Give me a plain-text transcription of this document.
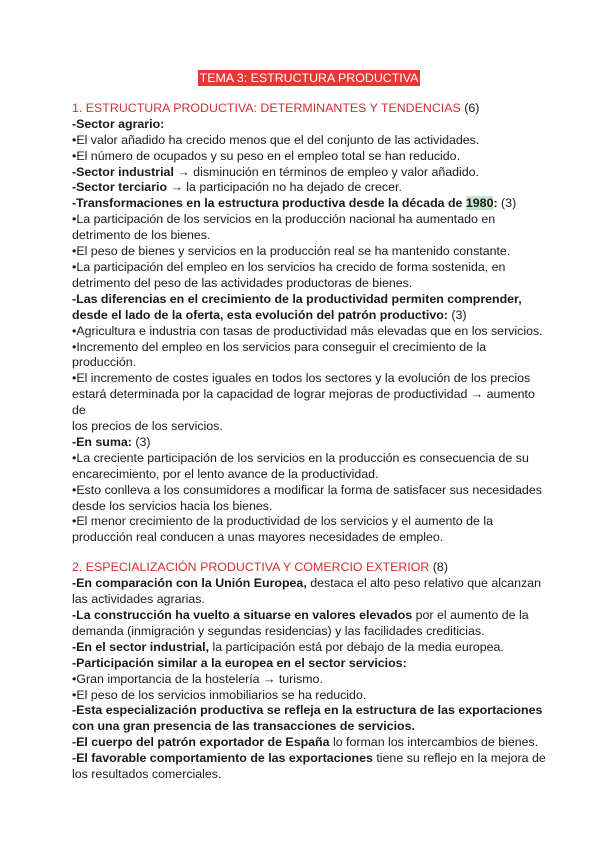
TEMA 3: ESTRUCTURA PRODUCTIVA

1. ESTRUCTURA PRODUCTIVA: DETERMINANTES Y TENDENCIAS (6)

-Sector agrario:

•El valor añadido ha crecido menos que el del conjunto de las actividades.

•El número de ocupados y su peso en el empleo total se han reducido.

-Sector industrial → disminución en términos de empleo y valor añadido.

-Sector terciario → la participación no ha dejado de crecer.

-Transformaciones en la estructura productiva desde la década de 1980: (3)

•La participación de los servicios en la producción nacional ha aumentado en

detrimento de los bienes.

•El peso de bienes y servicios en la producción real se ha mantenido constante.

•La participación del empleo en los servicios ha crecido de forma sostenida, en

detrimento del peso de las actividades productoras de bienes.

-Las diferencias en el crecimiento de la productividad permiten comprender,

desde el lado de la oferta, esta evolución del patrón productivo: (3)

•Agricultura e industria con tasas de productividad más elevadas que en los servicios.

•Incremento del empleo en los servicios para conseguir el crecimiento de la producción.

•El incremento de costes iguales en todos los sectores y la evolución de los precios

estará determinada por la capacidad de lograr mejoras de productividad → aumento de

los precios de los servicios.

-En suma: (3)

•La creciente participación de los servicios en la producción es consecuencia de su

encarecimiento, por el lento avance de la productividad.

•Esto conlleva a los consumidores a modificar la forma de satisfacer sus necesidades

desde los servicios hacia los bienes.

•El menor crecimiento de la productividad de los servicios y el aumento de la

producción real conducen a unas mayores necesidades de empleo.

2. ESPECIALIZACIÓN PRODUCTIVA Y COMERCIO EXTERIOR (8)

-En comparación con la Unión Europea, destaca el alto peso relativo que alcanzan

las actividades agrarias.

-La construcción ha vuelto a situarse en valores elevados por el aumento de la

demanda (inmigración y segundas residencias) y las facilidades crediticias.

-En el sector industrial, la participación está por debajo de la media europea.

-Participación similar a la europea en el sector servicios:

•Gran importancia de la hostelería → turismo.

•El peso de los servicios inmobiliarios se ha reducido.

-Esta especialización productiva se refleja en la estructura de las exportaciones

con una gran presencia de las transacciones de servicios.

-El cuerpo del patrón exportador de España lo forman los intercambios de bienes.

-El favorable comportamiento de las exportaciones tiene su reflejo en la mejora de

los resultados comerciales.
